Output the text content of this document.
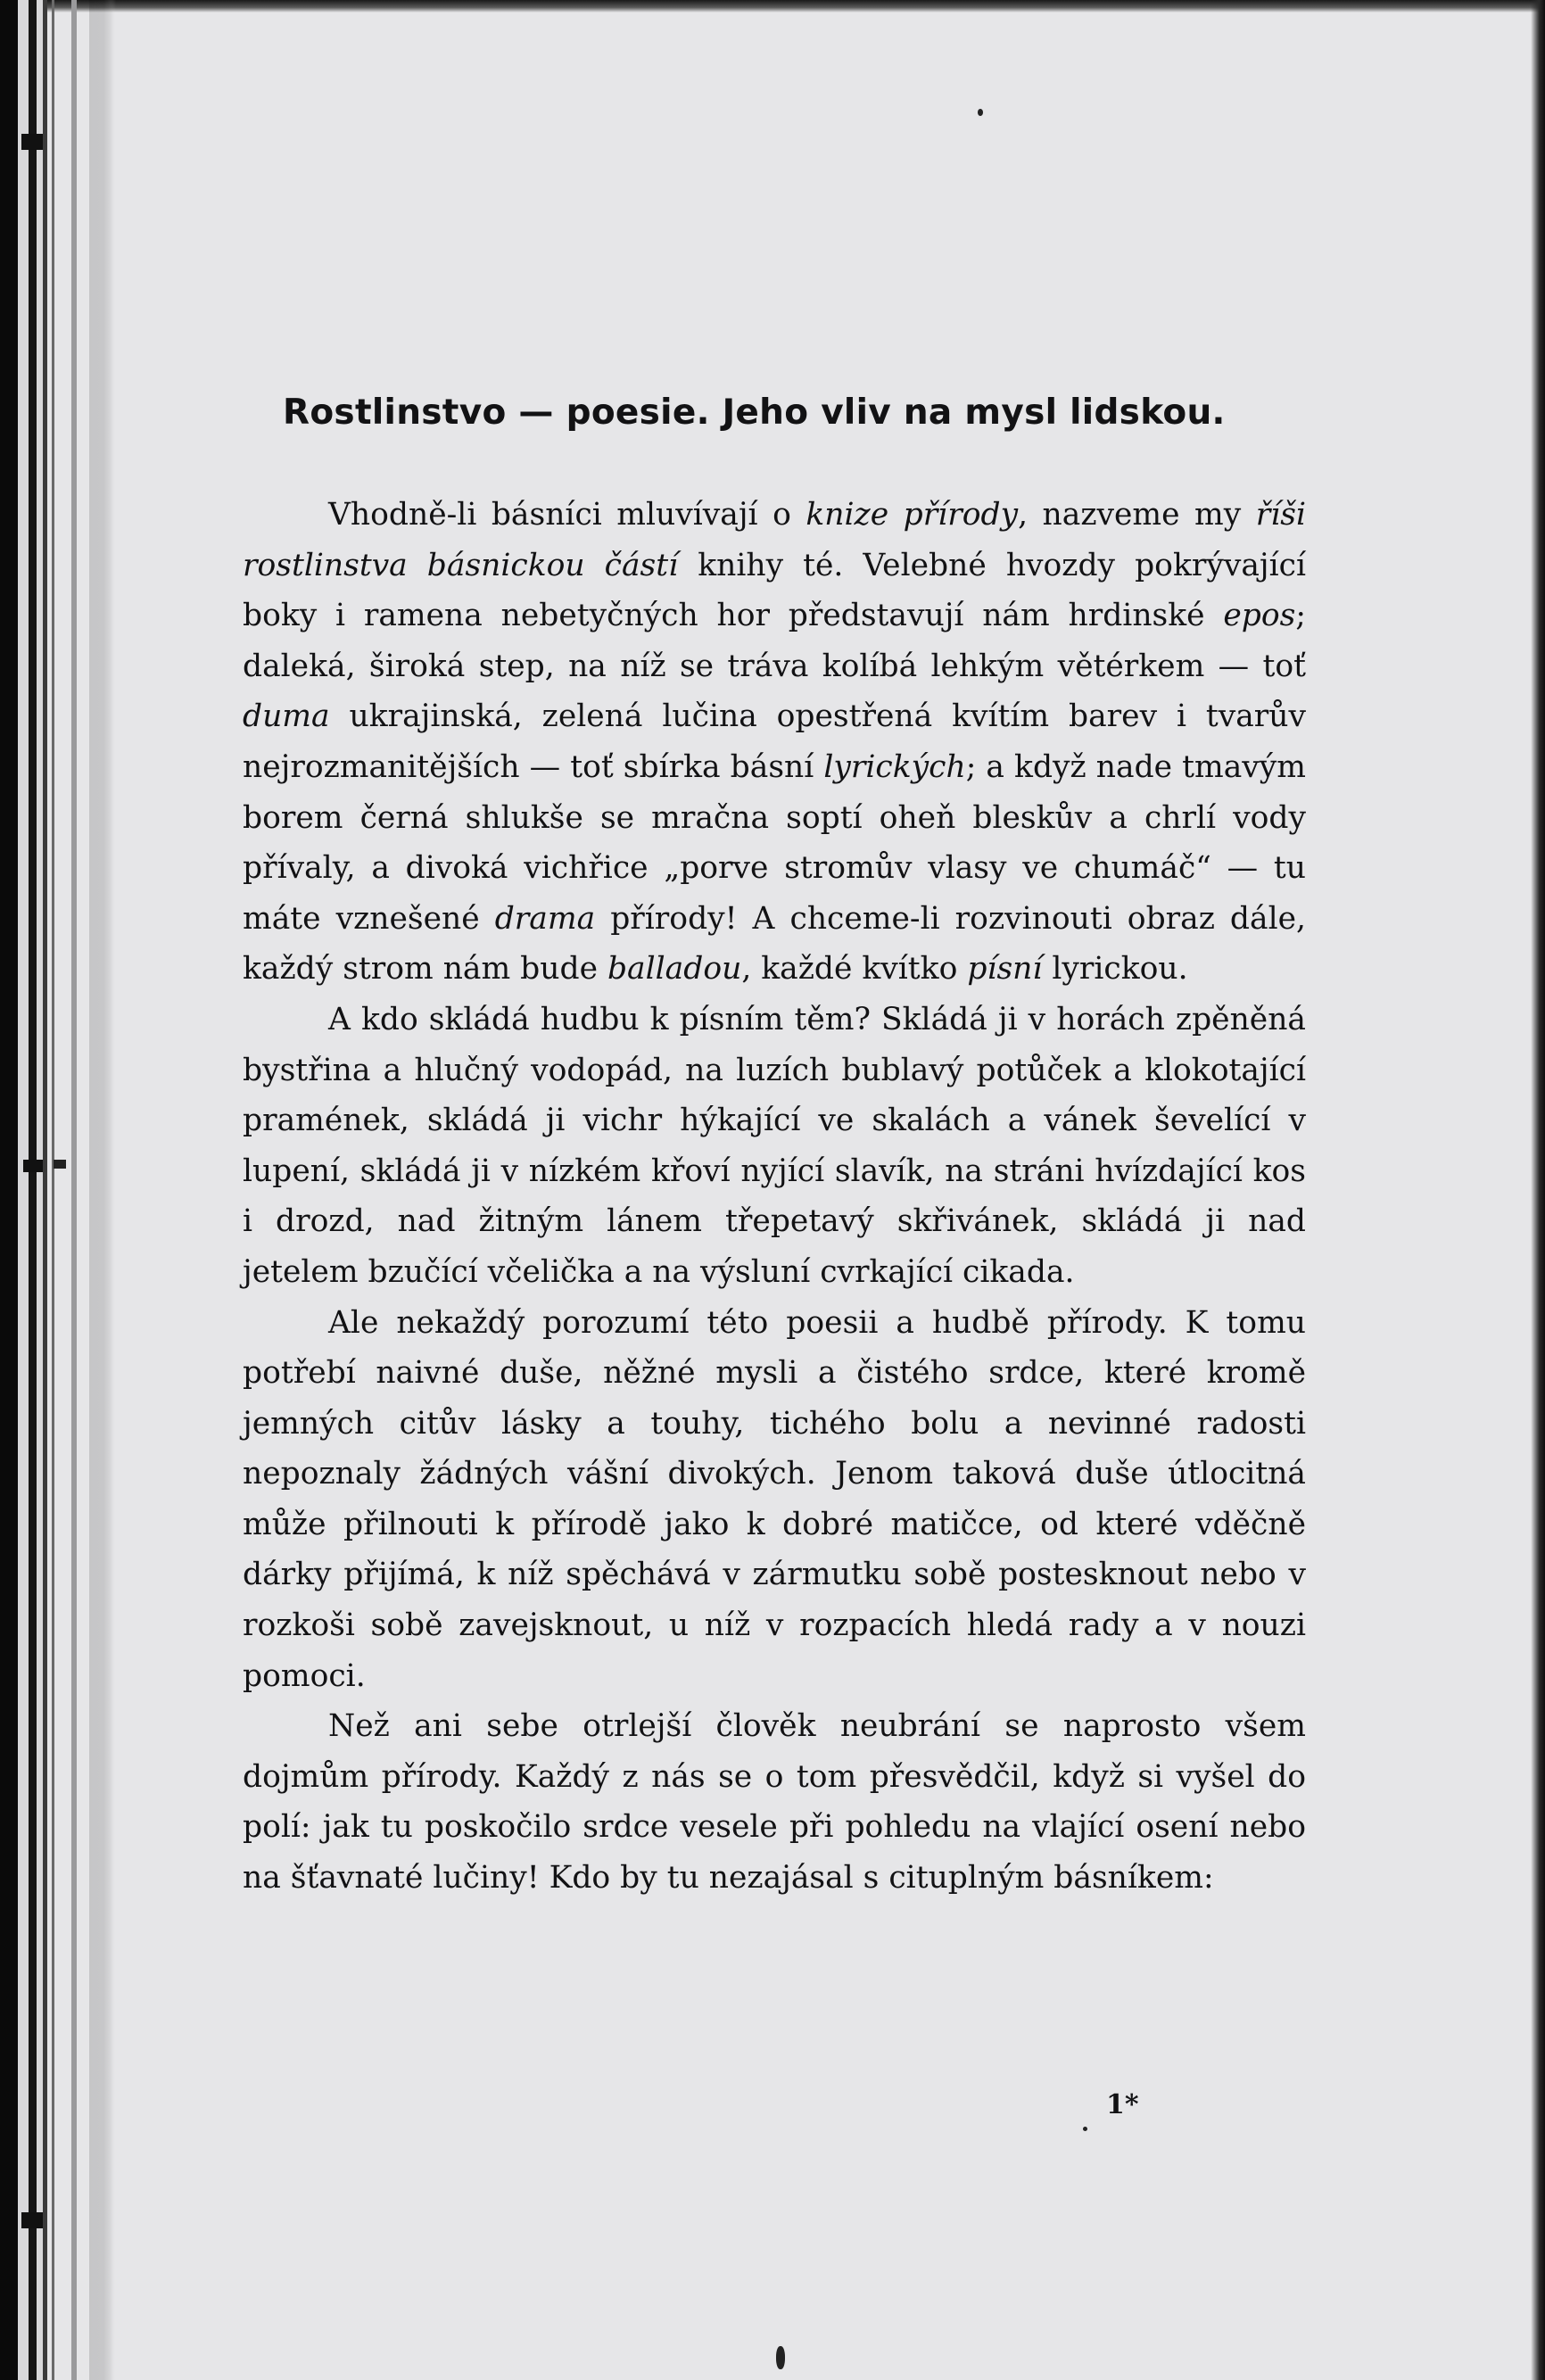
Rostlinstvo — poesie. Jeho vliv na mysl lidskou.

Vhodně-li básníci mluvívají o knize přírody, nazveme my říši rostlinstva básnickou částí knihy té. Velebné hvozdy pokrývající boky i ramena nebetyčných hor představují nám hrdinské epos; daleká, široká step, na níž se tráva kolíbá lehkým větérkem — toť duma ukrajinská, zelená lučina opestřená kvítím barev i tvarův nejrozmanitějších — toť sbírka básní lyrických; a když nade tmavým borem černá shlukše se mračna soptí oheň bleskův a chrlí vody přívaly, a divoká vichřice „porve stromův vlasy ve chumáč“ — tu máte vznešené drama přírody! A chceme-li rozvinouti obraz dále, každý strom nám bude balladou, každé kvítko písní lyrickou.

A kdo skládá hudbu k písním těm? Skládá ji v horách zpěněná bystřina a hlučný vodopád, na luzích bublavý potůček a klokotající pramének, skládá ji vichr hýkající ve skalách a vánek ševelící v lupení, skládá ji v nízkém křoví nyjící slavík, na stráni hvízdající kos i drozd, nad žitným lánem třepetavý skřivánek, skládá ji nad jetelem bzučící včelička a na výsluní cvrkající cikada.

Ale nekaždý porozumí této poesii a hudbě přírody. K tomu potřebí naivné duše, něžné mysli a čistého srdce, které kromě jemných citův lásky a touhy, tichého bolu a nevinné radosti nepoznaly žádných vášní divokých. Jenom taková duše útlocitná může přilnouti k přírodě jako k dobré matičce, od které vděčně dárky přijímá, k níž spěchává v zármutku sobě postesknout nebo v rozkoši sobě zavejsknout, u níž v rozpacích hledá rady a v nouzi pomoci.

Než ani sebe otrlejší člověk neubrání se naprosto všem dojmům přírody. Každý z nás se o tom přesvědčil, když si vyšel do polí: jak tu poskočilo srdce vesele při pohledu na vlající osení nebo na šťavnaté lučiny! Kdo by tu nezajásal s cituplným básníkem:

1*
